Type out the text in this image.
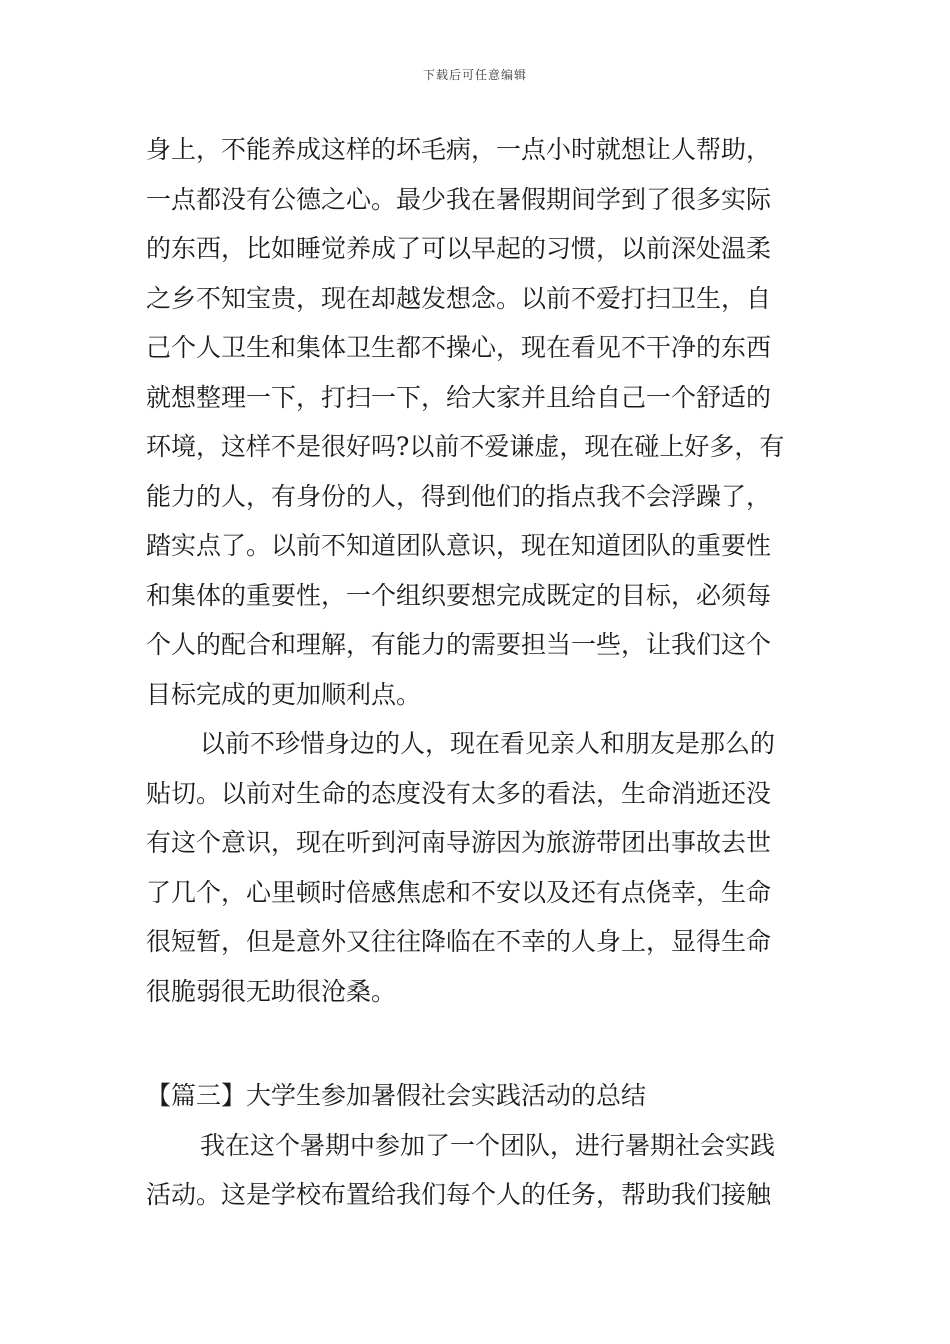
下载后可任意编辑
身上，不能养成这样的坏毛病，一点小时就想让人帮助，
一点都没有公德之心。最少我在暑假期间学到了很多实际
的东西，比如睡觉养成了可以早起的习惯，以前深处温柔
之乡不知宝贵，现在却越发想念。以前不爱打扫卫生，自
己个人卫生和集体卫生都不操心，现在看见不干净的东西
就想整理一下，打扫一下，给大家并且给自己一个舒适的
环境，这样不是很好吗?以前不爱谦虚，现在碰上好多，有
能力的人，有身份的人，得到他们的指点我不会浮躁了，
踏实点了。以前不知道团队意识，现在知道团队的重要性
和集体的重要性，一个组织要想完成既定的目标，必须每
个人的配合和理解，有能力的需要担当一些，让我们这个
目标完成的更加顺利点。
以前不珍惜身边的人，现在看见亲人和朋友是那么的
贴切。以前对生命的态度没有太多的看法，生命消逝还没
有这个意识，现在听到河南导游因为旅游带团出事故去世
了几个，心里顿时倍感焦虑和不安以及还有点侥幸，生命
很短暂，但是意外又往往降临在不幸的人身上，显得生命
很脆弱很无助很沧桑。
【篇三】大学生参加暑假社会实践活动的总结
我在这个暑期中参加了一个团队，进行暑期社会实践
活动。这是学校布置给我们每个人的任务，帮助我们接触
